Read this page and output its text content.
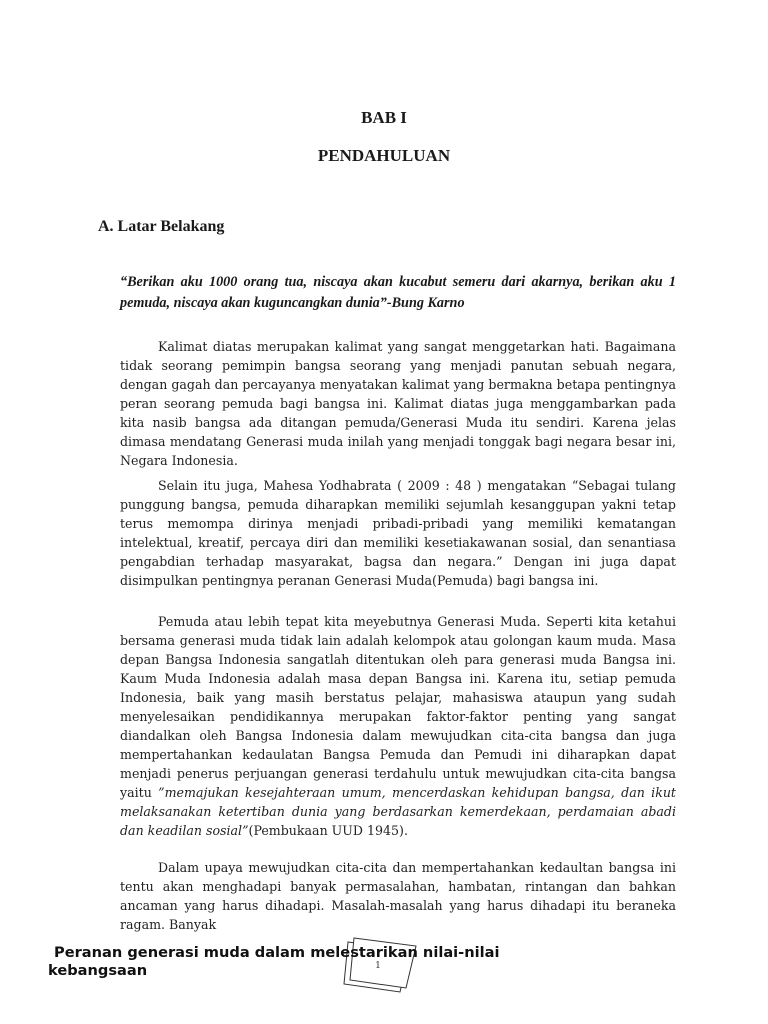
BAB I
PENDAHULUAN
A. Latar Belakang
“Berikan aku 1000 orang tua, niscaya akan kucabut semeru dari akarnya, berikan aku 1 pemuda, niscaya akan kuguncangkan dunia”-Bung Karno

Kalimat diatas merupakan kalimat yang sangat menggetarkan hati. Bagaimana tidak seorang pemimpin bangsa seorang yang menjadi panutan sebuah negara, dengan gagah dan percayanya menyatakan kalimat yang bermakna betapa pentingnya peran seorang pemuda bagi bangsa ini. Kalimat diatas juga menggambarkan pada kita nasib bangsa ada ditangan pemuda/Generasi Muda itu sendiri. Karena jelas dimasa mendatang Generasi muda inilah yang menjadi tonggak bagi negara besar ini, Negara Indonesia.

Selain itu juga, Mahesa Yodhabrata ( 2009 : 48 ) mengatakan “Sebagai tulang punggung bangsa, pemuda diharapkan memiliki sejumlah kesanggupan yakni tetap terus memompa dirinya menjadi pribadi-pribadi yang memiliki kematangan intelektual, kreatif, percaya diri dan memiliki kesetiakawanan sosial, dan senantiasa pengabdian terhadap masyarakat, bagsa dan negara.” Dengan ini juga dapat disimpulkan pentingnya peranan Generasi Muda(Pemuda) bagi bangsa ini.

Pemuda atau lebih tepat kita meyebutnya Generasi Muda. Seperti kita ketahui bersama generasi muda tidak lain adalah kelompok atau golongan kaum muda. Masa depan Bangsa Indonesia sangatlah ditentukan oleh para generasi muda Bangsa ini. Kaum Muda Indonesia adalah masa depan Bangsa ini. Karena itu, setiap pemuda Indonesia, baik yang masih berstatus pelajar, mahasiswa ataupun yang sudah menyelesaikan pendidikannya merupakan faktor-faktor penting yang sangat diandalkan oleh Bangsa Indonesia dalam mewujudkan cita-cita bangsa dan juga mempertahankan kedaulatan Bangsa Pemuda dan Pemudi ini diharapkan dapat menjadi penerus perjuangan generasi terdahulu untuk mewujudkan cita-cita bangsa yaitu ”memajukan kesejahteraan umum, mencerdaskan kehidupan bangsa, dan ikut melaksanakan ketertiban dunia yang berdasarkan kemerdekaan, perdamaian abadi dan keadilan sosial”(Pembukaan UUD 1945).

Dalam upaya mewujudkan cita-cita dan mempertahankan kedaultan bangsa ini tentu akan menghadapi banyak permasalahan, hambatan, rintangan dan bahkan ancaman yang harus dihadapi. Masalah-masalah yang harus dihadapi itu beraneka ragam. Banyak

1
Peranan generasi muda dalam melestarikan nilai-nilai
kebangsaan
